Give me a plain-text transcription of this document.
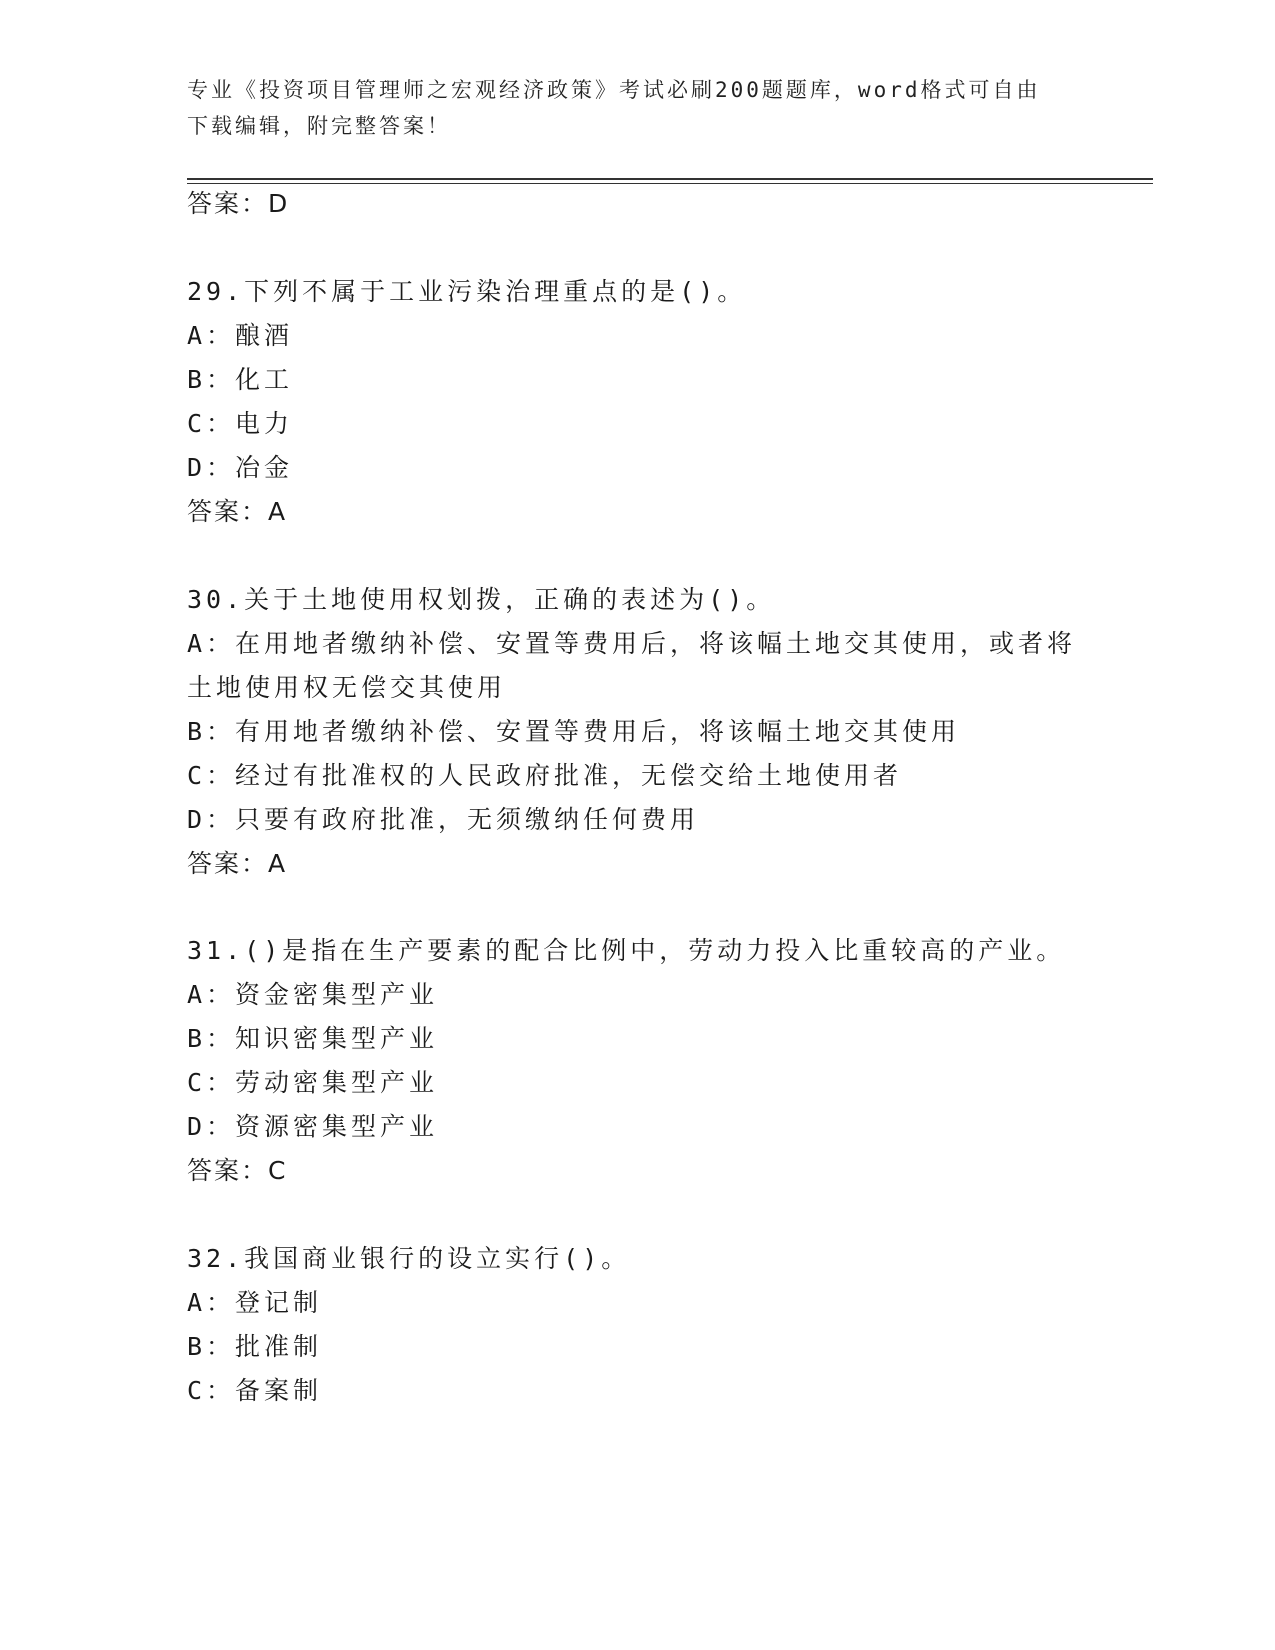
专业《投资项目管理师之宏观经济政策》考试必刷200题题库，word格式可自由
下载编辑，附完整答案！
答案：D
29.下列不属于工业污染治理重点的是()。
A：酿酒
B：化工
C：电力
D：冶金
答案：A
30.关于土地使用权划拨，正确的表述为()。
A：在用地者缴纳补偿、安置等费用后，将该幅土地交其使用，或者将
土地使用权无偿交其使用
B：有用地者缴纳补偿、安置等费用后，将该幅土地交其使用
C：经过有批准权的人民政府批准，无偿交给土地使用者
D：只要有政府批准，无须缴纳任何费用
答案：A
31.()是指在生产要素的配合比例中，劳动力投入比重较高的产业。
A：资金密集型产业
B：知识密集型产业
C：劳动密集型产业
D：资源密集型产业
答案：C
32.我国商业银行的设立实行()。
A：登记制
B：批准制
C：备案制
